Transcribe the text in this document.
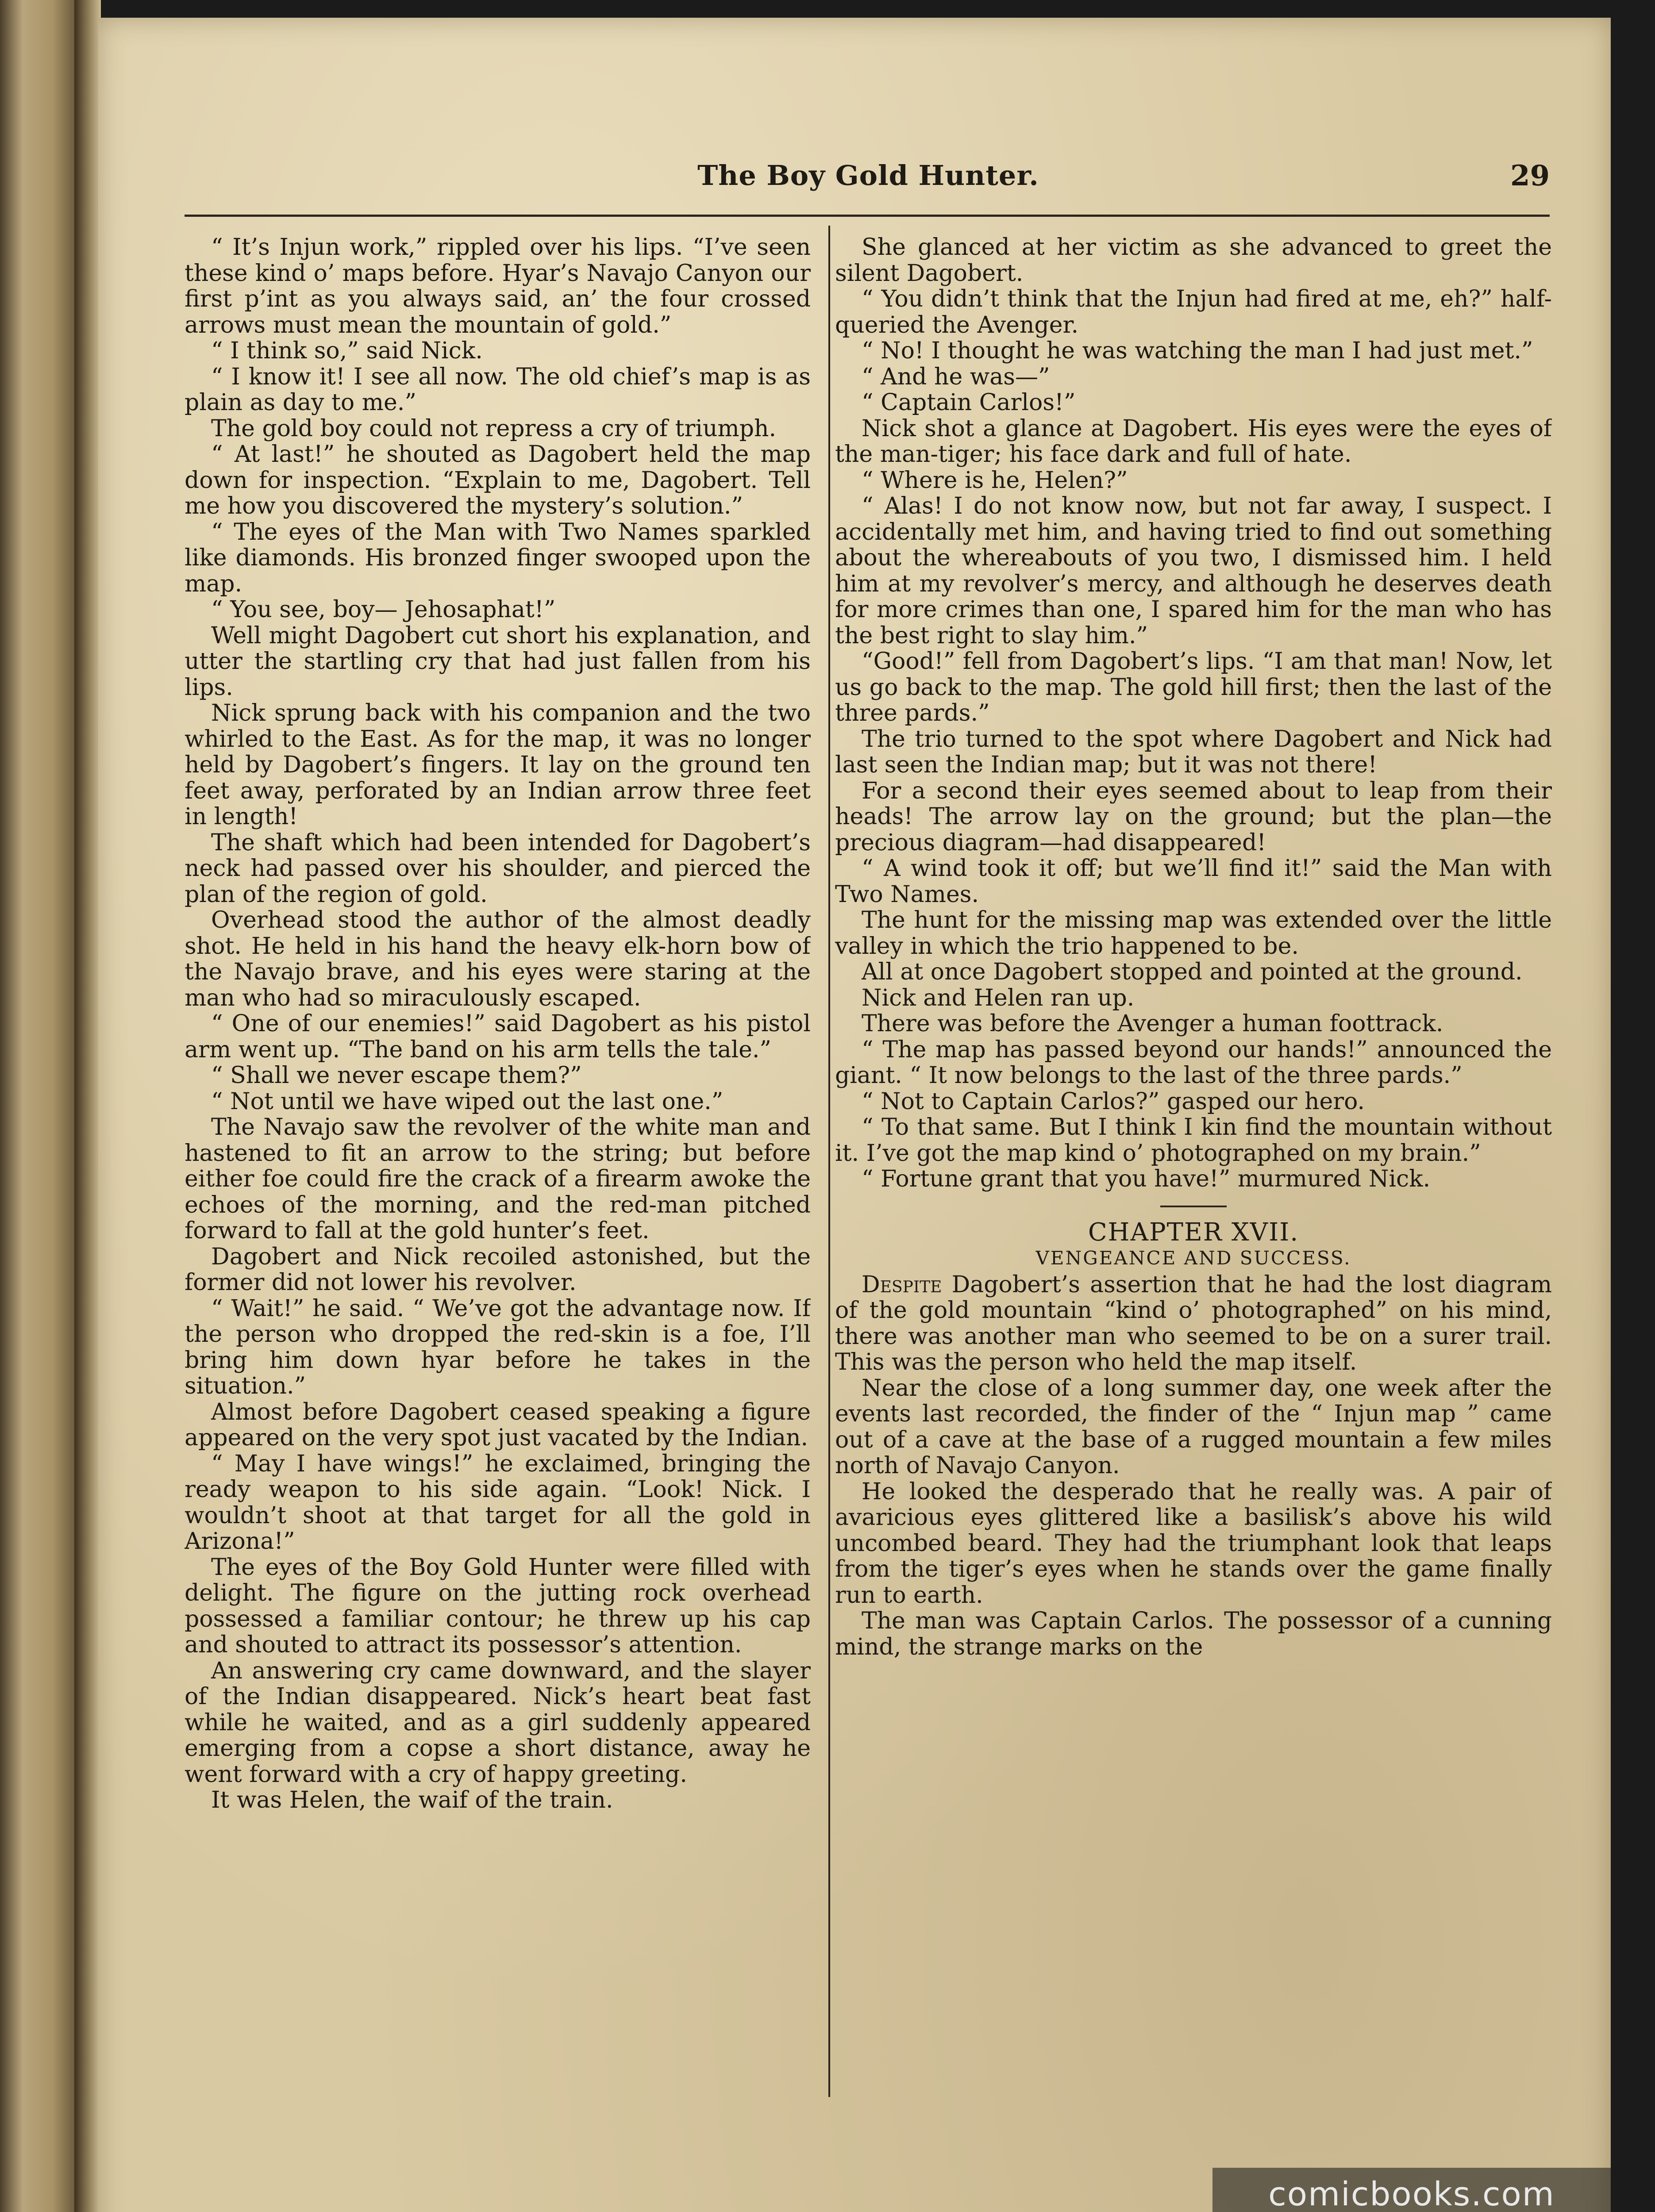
The Boy Gold Hunter.	29

“ It’s Injun work,” rippled over his lips. “I’ve seen these kind o’ maps before. Hyar’s Navajo Canyon our first p’int as you always said, an’ the four crossed arrows must mean the mountain of gold.”

“ I think so,” said Nick.

“ I know it! I see all now. The old chief’s map is as plain as day to me.”

The gold boy could not repress a cry of triumph.

“ At last!” he shouted as Dagobert held the map down for inspection. “Explain to me, Dagobert. Tell me how you discovered the mystery’s solution.”

“ The eyes of the Man with Two Names sparkled like diamonds. His bronzed finger swooped upon the map.

“ You see, boy— Jehosaphat!”

Well might Dagobert cut short his explanation, and utter the startling cry that had just fallen from his lips.

Nick sprung back with his companion and the two whirled to the East. As for the map, it was no longer held by Dagobert’s fingers. It lay on the ground ten feet away, perforated by an Indian arrow three feet in length!

The shaft which had been intended for Dagobert’s neck had passed over his shoulder, and pierced the plan of the region of gold.

Overhead stood the author of the almost deadly shot. He held in his hand the heavy elk-horn bow of the Navajo brave, and his eyes were staring at the man who had so miraculously escaped.

“ One of our enemies!” said Dagobert as his pistol arm went up. “The band on his arm tells the tale.”

“ Shall we never escape them?”

“ Not until we have wiped out the last one.”

The Navajo saw the revolver of the white man and hastened to fit an arrow to the string; but before either foe could fire the crack of a firearm awoke the echoes of the morning, and the red-man pitched forward to fall at the gold hunter’s feet.

Dagobert and Nick recoiled astonished, but the former did not lower his revolver.

“ Wait!” he said. “ We’ve got the advantage now. If the person who dropped the red-skin is a foe, I’ll bring him down hyar before he takes in the situation.”

Almost before Dagobert ceased speaking a figure appeared on the very spot just vacated by the Indian.

“ May I have wings!” he exclaimed, bringing the ready weapon to his side again. “Look! Nick. I wouldn’t shoot at that target for all the gold in Arizona!”

The eyes of the Boy Gold Hunter were filled with delight. The figure on the jutting rock overhead possessed a familiar contour; he threw up his cap and shouted to attract its possessor’s attention.

An answering cry came downward, and the slayer of the Indian disappeared. Nick’s heart beat fast while he waited, and as a girl suddenly appeared emerging from a copse a short distance, away he went forward with a cry of happy greeting.

It was Helen, the waif of the train.

She glanced at her victim as she advanced to greet the silent Dagobert.

“ You didn’t think that the Injun had fired at me, eh?” half-queried the Avenger.

“ No! I thought he was watching the man I had just met.”

“ And he was—”

“ Captain Carlos!”

Nick shot a glance at Dagobert. His eyes were the eyes of the man-tiger; his face dark and full of hate.

“ Where is he, Helen?”

“ Alas! I do not know now, but not far away, I suspect. I accidentally met him, and having tried to find out something about the whereabouts of you two, I dismissed him. I held him at my revolver’s mercy, and although he deserves death for more crimes than one, I spared him for the man who has the best right to slay him.”

“Good!” fell from Dagobert’s lips. “I am that man! Now, let us go back to the map. The gold hill first; then the last of the three pards.”

The trio turned to the spot where Dagobert and Nick had last seen the Indian map; but it was not there!

For a second their eyes seemed about to leap from their heads! The arrow lay on the ground; but the plan—the precious diagram—had disappeared!

“ A wind took it off; but we’ll find it!” said the Man with Two Names.

The hunt for the missing map was extended over the little valley in which the trio happened to be.

All at once Dagobert stopped and pointed at the ground.

Nick and Helen ran up.

There was before the Avenger a human foottrack.

“ The map has passed beyond our hands!” announced the giant. “ It now belongs to the last of the three pards.”

“ Not to Captain Carlos?” gasped our hero.

“ To that same. But I think I kin find the mountain without it. I’ve got the map kind o’ photographed on my brain.”

“ Fortune grant that you have!” murmured Nick.

CHAPTER XVII.

VENGEANCE AND SUCCESS.

Despite Dagobert’s assertion that he had the lost diagram of the gold mountain “kind o’ photographed” on his mind, there was another man who seemed to be on a surer trail. This was the person who held the map itself.

Near the close of a long summer day, one week after the events last recorded, the finder of the “ Injun map ” came out of a cave at the base of a rugged mountain a few miles north of Navajo Canyon.

He looked the desperado that he really was. A pair of avaricious eyes glittered like a basilisk’s above his wild uncombed beard. They had the triumphant look that leaps from the tiger’s eyes when he stands over the game finally run to earth.

The man was Captain Carlos. The possessor of a cunning mind, the strange marks on the

comicbooks.com
